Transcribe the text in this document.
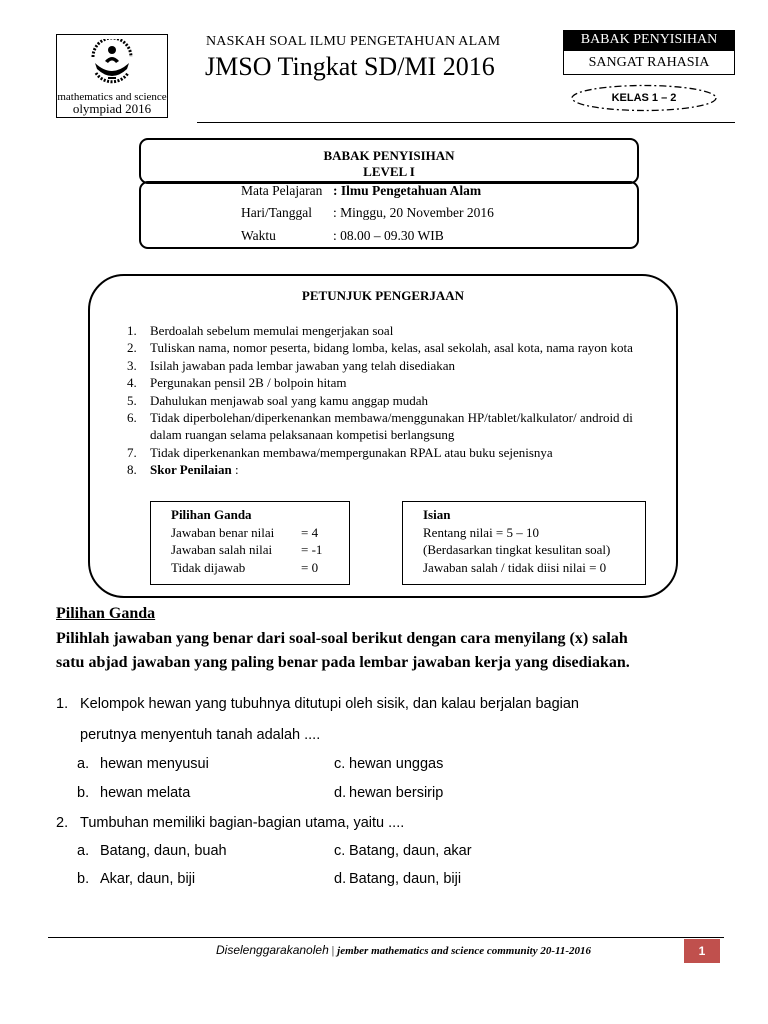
mathematics and science
olympiad 2016
NASKAH SOAL ILMU PENGETAHUAN ALAM
JMSO Tingkat SD/MI 2016
BABAK PENYISIHAN
SANGAT RAHASIA
KELAS 1 – 2
BABAK PENYISIHAN
LEVEL I
Mata Pelajaran : Ilmu Pengetahuan Alam
Hari/Tanggal : Minggu, 20 November 2016
Waktu	: 08.00 – 09.30 WIB
PETUNJUK PENGERJAAN
1. Berdoalah sebelum memulai mengerjakan soal
2. Tuliskan nama, nomor peserta, bidang lomba, kelas, asal sekolah, asal kota, nama rayon kota
3. Isilah jawaban pada lembar jawaban yang telah disediakan
4. Pergunakan pensil 2B / bolpoin hitam
5. Dahulukan menjawab soal yang kamu anggap mudah
6. Tidak diperbolehan/diperkenankan membawa/menggunakan HP/tablet/kalkulator/ android di dalam ruangan selama pelaksanaan kompetisi berlangsung
7. Tidak diperkenankan membawa/mempergunakan RPAL atau buku sejenisnya
8. Skor Penilaian :
Pilihan Ganda
Jawaban benar nilai = 4
Jawaban salah nilai = -1
Tidak dijawab	= 0
Isian
Rentang nilai = 5 – 10
(Berdasarkan tingkat kesulitan soal)
Jawaban salah / tidak diisi nilai = 0
Pilihan Ganda
Pilihlah jawaban yang benar dari soal-soal berikut dengan cara menyilang (x) salah
satu abjad jawaban yang paling benar pada lembar jawaban kerja yang disediakan.
1. Kelompok hewan yang tubuhnya ditutupi oleh sisik, dan kalau berjalan bagian
perutnya menyentuh tanah adalah ....
a. hewan menyusui	c. hewan unggas
b. hewan melata	d. hewan bersirip
2. Tumbuhan memiliki bagian-bagian utama, yaitu ....
a. Batang, daun, buah	c. Batang, daun, akar
b. Akar, daun, biji	d. Batang, daun, biji
Diselenggarakanoleh | jember mathematics and science community 20-11-2016	1
